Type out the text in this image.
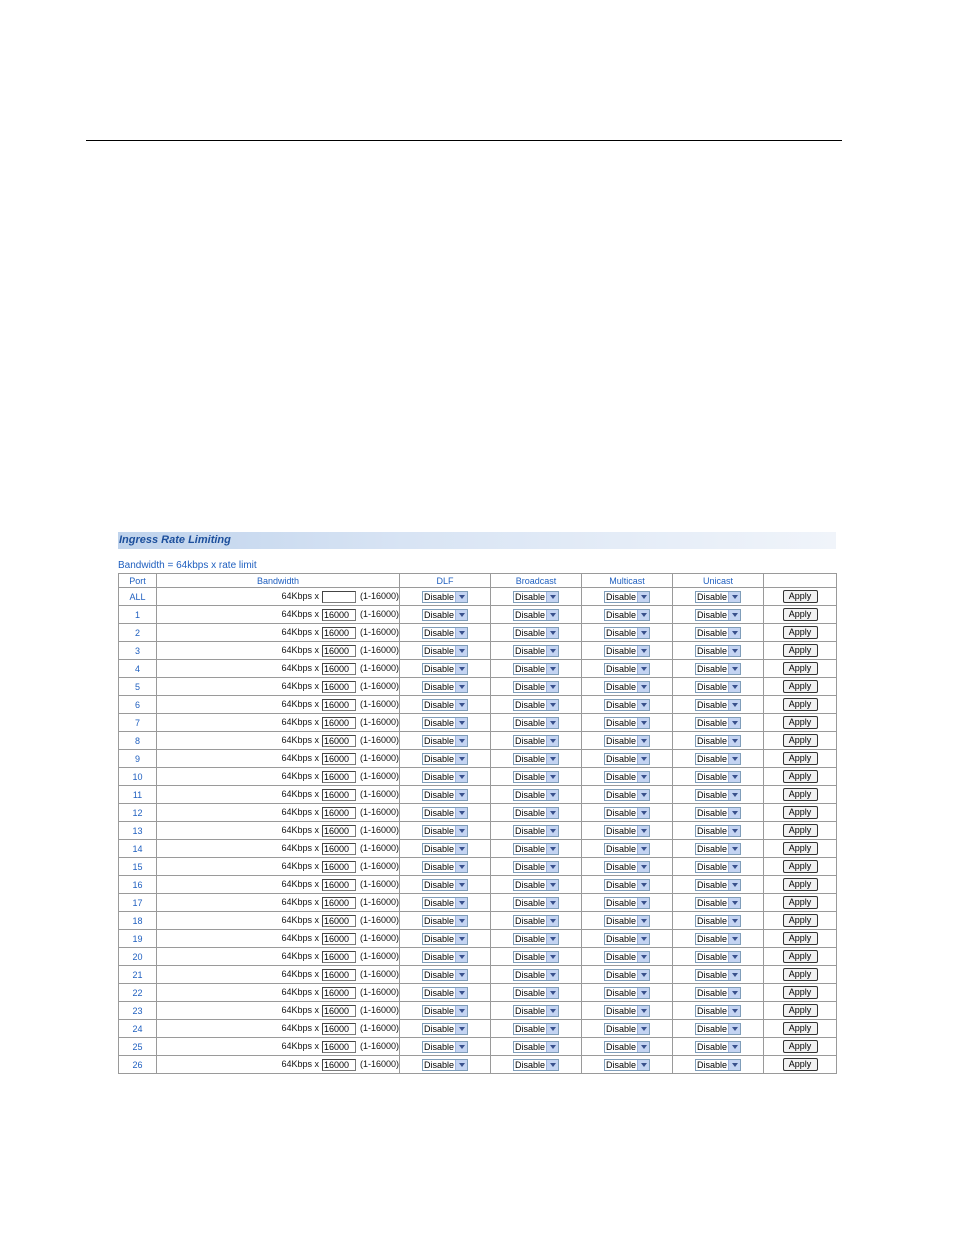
Ingress Rate Limiting
Bandwidth = 64kbps x rate limit
Port	Bandwidth	DLF	Broadcast	Multicast	Unicast	
ALL	64Kbps x (1-16000)	Disable	Disable	Disable	Disable	Apply
1	64Kbps x16000 (1-16000)	Disable	Disable	Disable	Disable	Apply
2	64Kbps x16000 (1-16000)	Disable	Disable	Disable	Disable	Apply
3	64Kbps x16000 (1-16000)	Disable	Disable	Disable	Disable	Apply
4	64Kbps x16000 (1-16000)	Disable	Disable	Disable	Disable	Apply
5	64Kbps x16000 (1-16000)	Disable	Disable	Disable	Disable	Apply
6	64Kbps x16000 (1-16000)	Disable	Disable	Disable	Disable	Apply
7	64Kbps x16000 (1-16000)	Disable	Disable	Disable	Disable	Apply
8	64Kbps x16000 (1-16000)	Disable	Disable	Disable	Disable	Apply
9	64Kbps x16000 (1-16000)	Disable	Disable	Disable	Disable	Apply
10	64Kbps x16000 (1-16000)	Disable	Disable	Disable	Disable	Apply
11	64Kbps x16000 (1-16000)	Disable	Disable	Disable	Disable	Apply
12	64Kbps x16000 (1-16000)	Disable	Disable	Disable	Disable	Apply
13	64Kbps x16000 (1-16000)	Disable	Disable	Disable	Disable	Apply
14	64Kbps x16000 (1-16000)	Disable	Disable	Disable	Disable	Apply
15	64Kbps x16000 (1-16000)	Disable	Disable	Disable	Disable	Apply
16	64Kbps x16000 (1-16000)	Disable	Disable	Disable	Disable	Apply
17	64Kbps x16000 (1-16000)	Disable	Disable	Disable	Disable	Apply
18	64Kbps x16000 (1-16000)	Disable	Disable	Disable	Disable	Apply
19	64Kbps x16000 (1-16000)	Disable	Disable	Disable	Disable	Apply
20	64Kbps x16000 (1-16000)	Disable	Disable	Disable	Disable	Apply
21	64Kbps x16000 (1-16000)	Disable	Disable	Disable	Disable	Apply
22	64Kbps x16000 (1-16000)	Disable	Disable	Disable	Disable	Apply
23	64Kbps x16000 (1-16000)	Disable	Disable	Disable	Disable	Apply
24	64Kbps x16000 (1-16000)	Disable	Disable	Disable	Disable	Apply
25	64Kbps x16000 (1-16000)	Disable	Disable	Disable	Disable	Apply
26	64Kbps x16000 (1-16000)	Disable	Disable	Disable	Disable	Apply
